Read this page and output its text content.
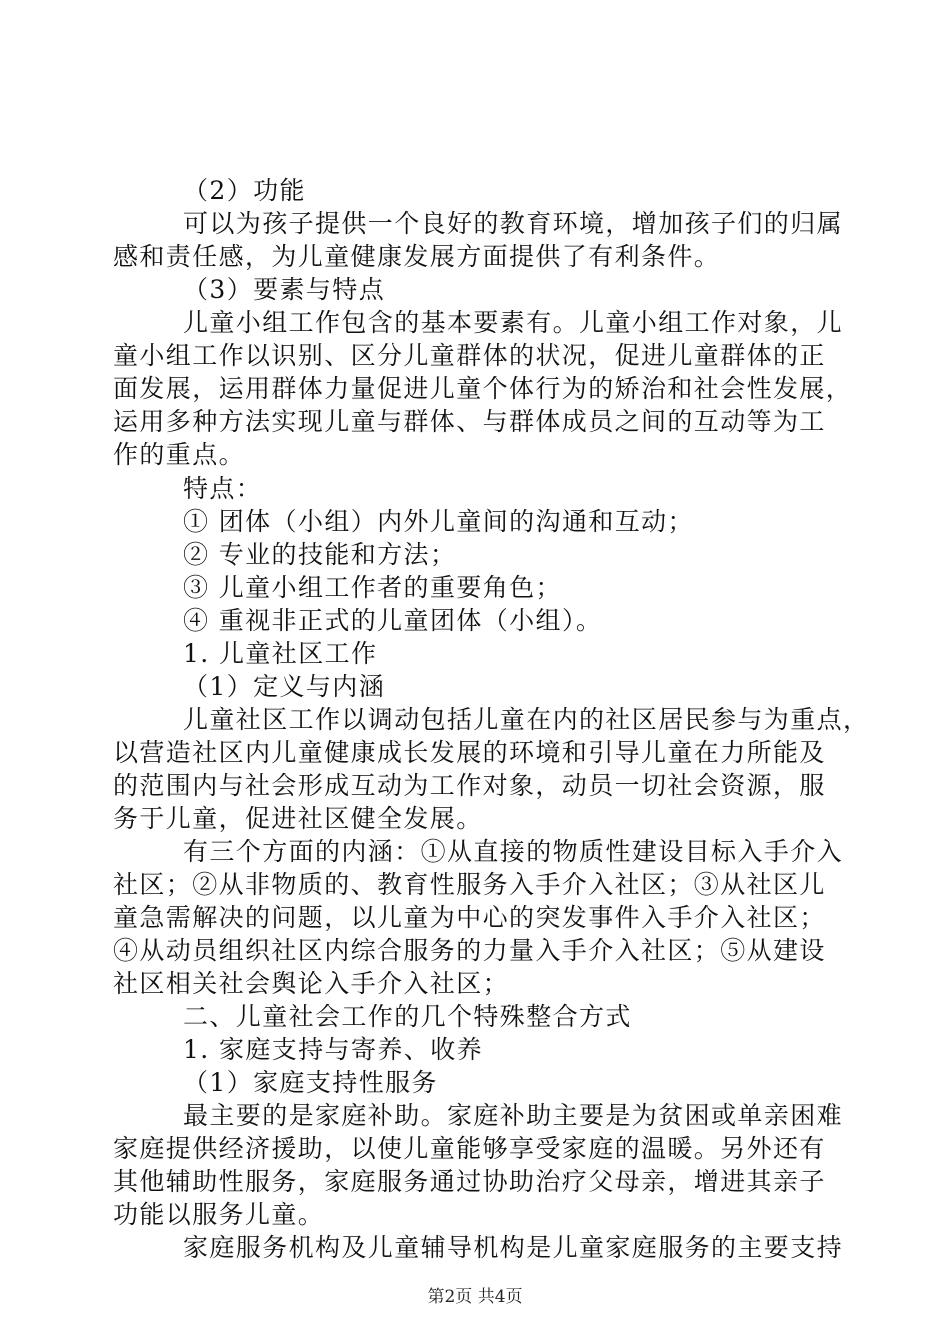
（2）功能
可以为孩子提供一个良好的教育环境，增加孩子们的归属
感和责任感，为儿童健康发展方面提供了有利条件。
（3）要素与特点
儿童小组工作包含的基本要素有。儿童小组工作对象，儿
童小组工作以识别、区分儿童群体的状况，促进儿童群体的正
面发展，运用群体力量促进儿童个体行为的矫治和社会性发展，
运用多种方法实现儿童与群体、与群体成员之间的互动等为工
作的重点。
特点：
① 团体（小组）内外儿童间的沟通和互动；
② 专业的技能和方法；
③ 儿童小组工作者的重要角色；
④ 重视非正式的儿童团体（小组）。
1. 儿童社区工作
（1）定义与内涵
儿童社区工作以调动包括儿童在内的社区居民参与为重点，
以营造社区内儿童健康成长发展的环境和引导儿童在力所能及
的范围内与社会形成互动为工作对象，动员一切社会资源，服
务于儿童，促进社区健全发展。
有三个方面的内涵：①从直接的物质性建设目标入手介入
社区；②从非物质的、教育性服务入手介入社区；③从社区儿
童急需解决的问题，以儿童为中心的突发事件入手介入社区；
④从动员组织社区内综合服务的力量入手介入社区；⑤从建设
社区相关社会舆论入手介入社区；
二、儿童社会工作的几个特殊整合方式
1. 家庭支持与寄养、收养
（1）家庭支持性服务
最主要的是家庭补助。家庭补助主要是为贫困或单亲困难
家庭提供经济援助，以使儿童能够享受家庭的温暖。另外还有
其他辅助性服务，家庭服务通过协助治疗父母亲，增进其亲子
功能以服务儿童。
家庭服务机构及儿童辅导机构是儿童家庭服务的主要支持
第2页 共4页
